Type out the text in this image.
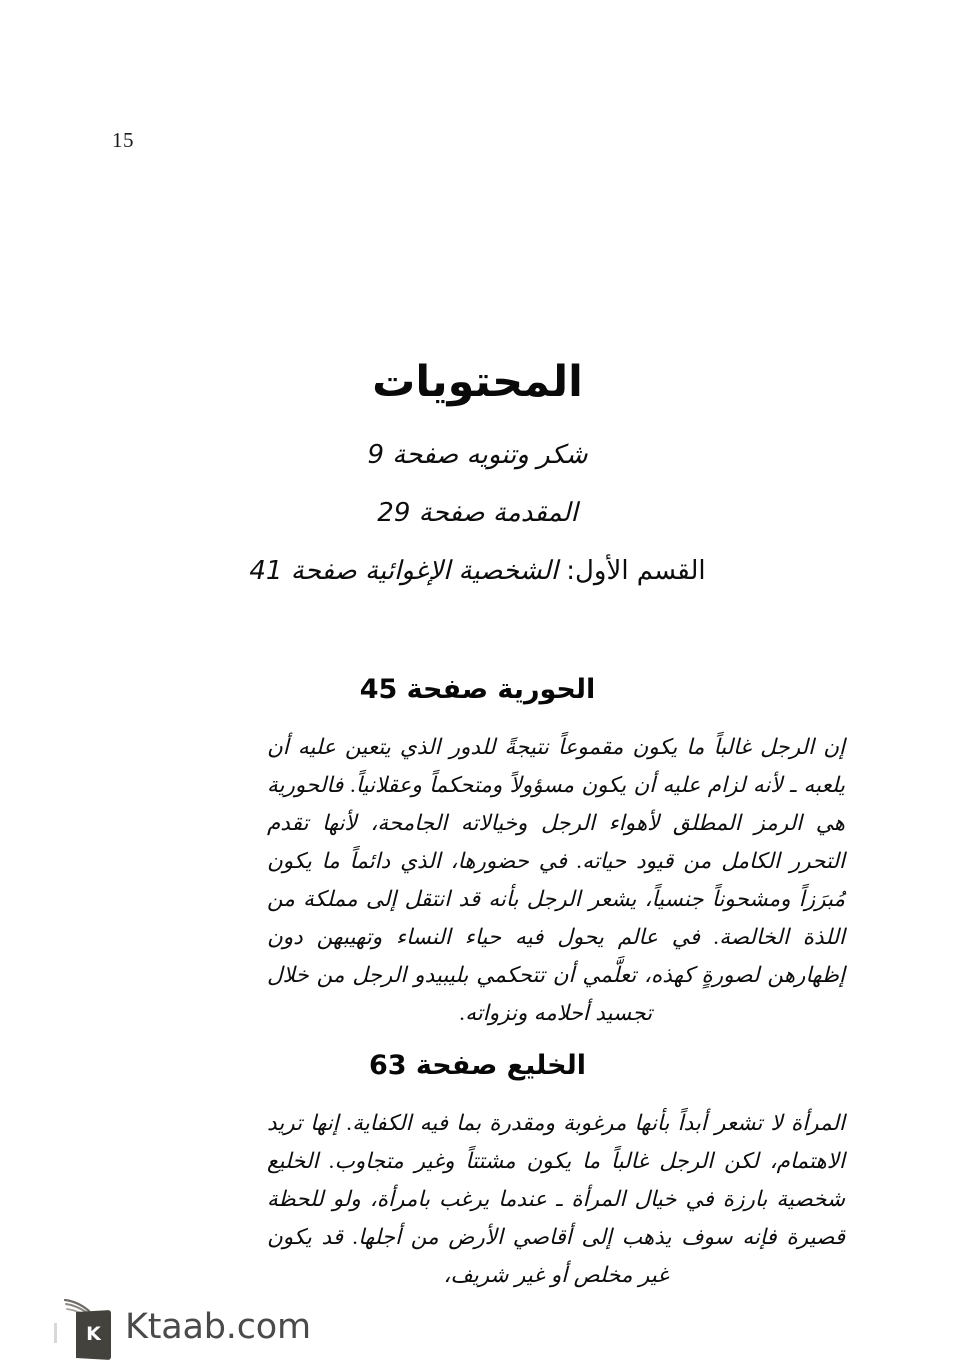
15
المحتويات
شكر وتنويه صفحة 9
المقدمة صفحة 29
القسم الأول: الشخصية الإغوائية صفحة 41
الحورية صفحة 45

إن الرجل غالباً ما يكون مقموعاً نتيجةً للدور الذي يتعين عليه أن يلعبه ـ لأنه لزام عليه أن يكون مسؤولاً ومتحكماً وعقلانياً. فالحورية هي الرمز المطلق لأهواء الرجل وخيالاته الجامحة، لأنها تقدم التحرر الكامل من قيود حياته. في حضورها، الذي دائماً ما يكون مُبرَزاً ومشحوناً جنسياً، يشعر الرجل بأنه قد انتقل إلى مملكة من اللذة الخالصة. في عالم يحول فيه حياء النساء وتهيبهن دون إظهارهن لصورةٍ كهذه، تعلَّمي أن تتحكمي بليبيدو الرجل من خلال تجسيد أحلامه ونزواته.

الخليع صفحة 63

المرأة لا تشعر أبداً بأنها مرغوبة ومقدرة بما فيه الكفاية. إنها تريد الاهتمام، لكن الرجل غالباً ما يكون مشتتاً وغير متجاوب. الخليع شخصية بارزة في خيال المرأة ـ عندما يرغب بامرأة، ولو للحظة قصيرة فإنه سوف يذهب إلى أقاصي الأرض من أجلها. قد يكون غير مخلص أو غير شريف،

K Ktaab.com
